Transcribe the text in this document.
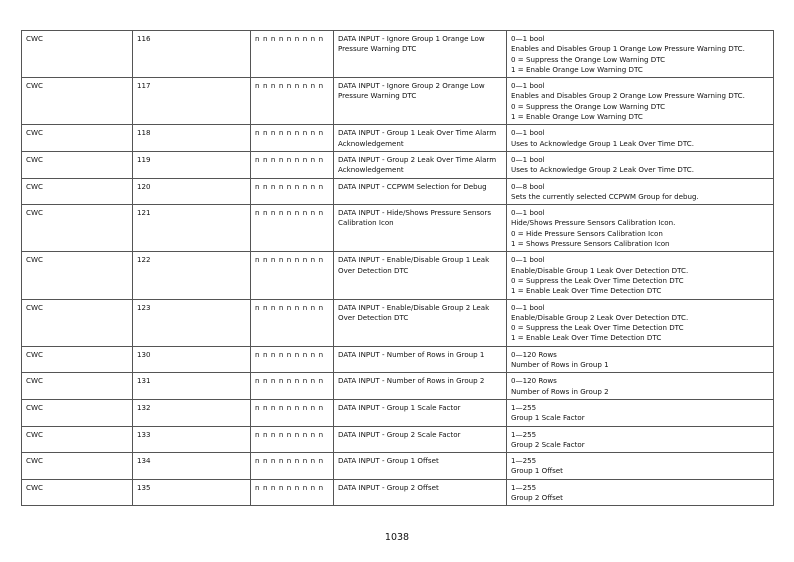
CWC	116	n n n n n n n n n	DATA INPUT - Ignore Group 1 Orange Low Pressure Warning DTC	0—1 bool
Enables and Disables Group 1 Orange Low Pressure Warning DTC.
0 = Suppress the Orange Low Warning DTC
1 = Enable Orange Low Warning DTC

CWC	117	n n n n n n n n n	DATA INPUT - Ignore Group 2 Orange Low Pressure Warning DTC	0—1 bool
Enables and Disables Group 2 Orange Low Pressure Warning DTC.
0 = Suppress the Orange Low Warning DTC
1 = Enable Orange Low Warning DTC

CWC	118	n n n n n n n n n	DATA INPUT - Group 1 Leak Over Time Alarm Acknowledgement	0—1 bool
Uses to Acknowledge Group 1 Leak Over Time DTC.

CWC	119	n n n n n n n n n	DATA INPUT - Group 2 Leak Over Time Alarm Acknowledgement	0—1 bool
Uses to Acknowledge Group 2 Leak Over Time DTC.

CWC	120	n n n n n n n n n	DATA INPUT - CCPWM Selection for Debug	0—8 bool
Sets the currently selected CCPWM Group for debug.

CWC	121	n n n n n n n n n	DATA INPUT - Hide/Shows Pressure Sensors Calibration Icon	0—1 bool
Hide/Shows Pressure Sensors Calibration Icon.
0 = Hide Pressure Sensors Calibration Icon
1 = Shows Pressure Sensors Calibration Icon

CWC	122	n n n n n n n n n	DATA INPUT - Enable/Disable Group 1 Leak Over Detection DTC	0—1 bool
Enable/Disable Group 1 Leak Over Detection DTC.
0 = Suppress the Leak Over Time Detection DTC
1 = Enable Leak Over Time Detection DTC

CWC	123	n n n n n n n n n	DATA INPUT - Enable/Disable Group 2 Leak Over Detection DTC	0—1 bool
Enable/Disable Group 2 Leak Over Detection DTC.
0 = Suppress the Leak Over Time Detection DTC
1 = Enable Leak Over Time Detection DTC

CWC	130	n n n n n n n n n	DATA INPUT - Number of Rows in Group 1	0—120 Rows
Number of Rows in Group 1

CWC	131	n n n n n n n n n	DATA INPUT - Number of Rows in Group 2	0—120 Rows
Number of Rows in Group 2

CWC	132	n n n n n n n n n	DATA INPUT - Group 1 Scale Factor	1—255
Group 1 Scale Factor

CWC	133	n n n n n n n n n	DATA INPUT - Group 2 Scale Factor	1—255
Group 2 Scale Factor

CWC	134	n n n n n n n n n	DATA INPUT - Group 1 Offset	1—255
Group 1 Offset

CWC	135	n n n n n n n n n	DATA INPUT - Group 2 Offset	1—255
Group 2 Offset
1038
